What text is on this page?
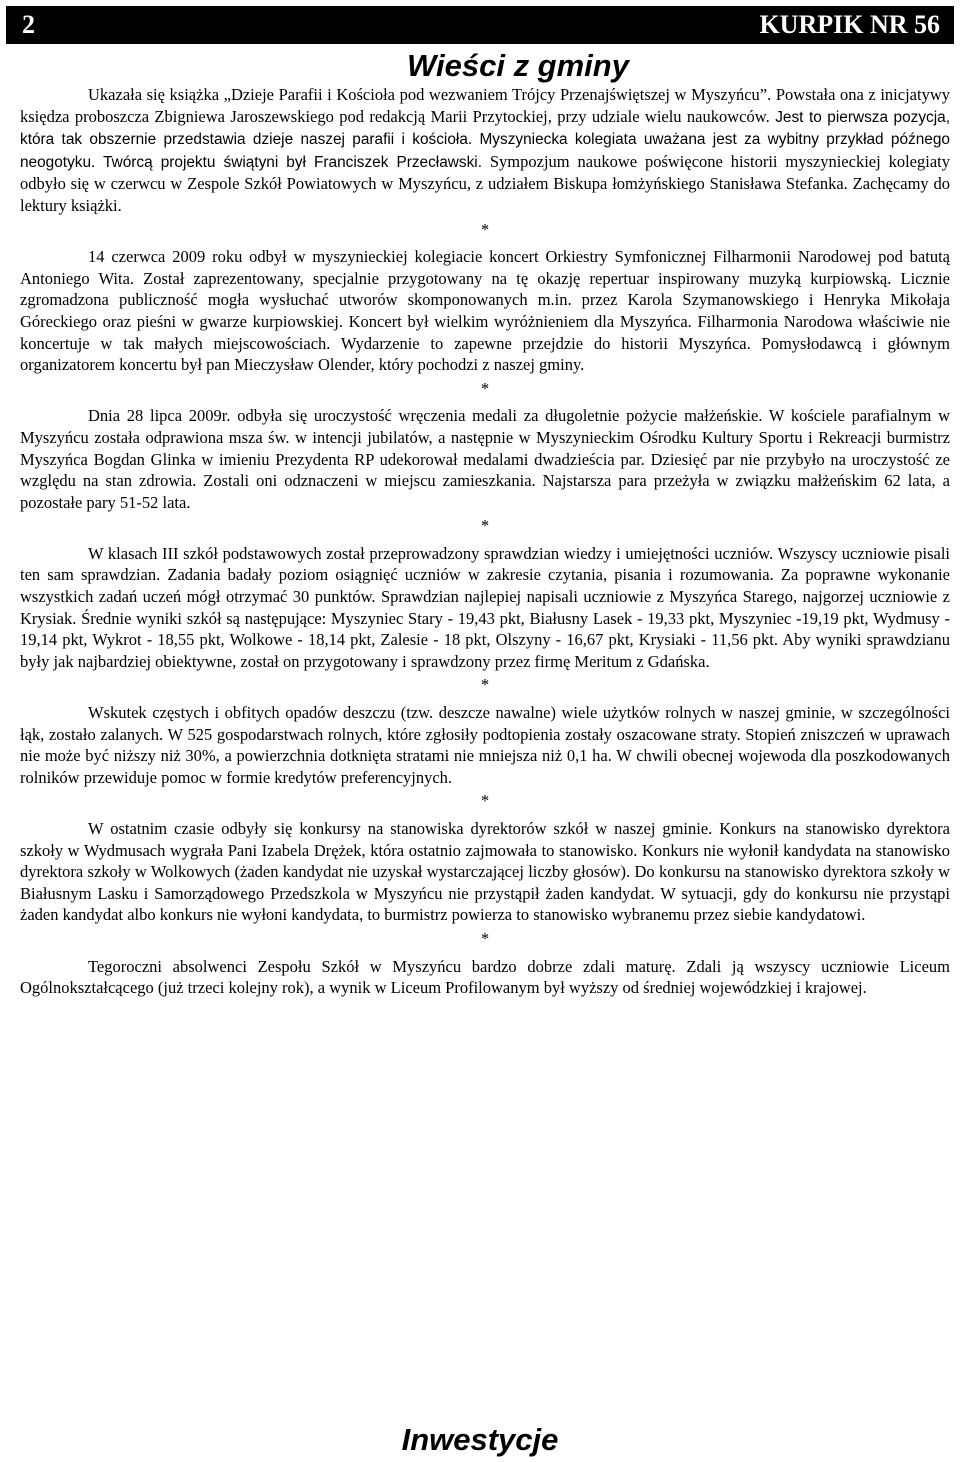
2	KURPIK NR 56
Wieści z gminy

Ukazała się książka „Dzieje Parafii i Kościoła pod wezwaniem Trójcy Przenajświętszej w Myszyńcu”. Powstała ona z inicjatywy księdza proboszcza Zbigniewa Jaroszewskiego pod redakcją Marii Przytockiej, przy udziale wielu naukowców. Jest to pierwsza pozycja, która tak obszernie przedstawia dzieje naszej parafii i kościoła. Myszyniecka kolegiata uważana jest za wybitny przykład późnego neogotyku. Twórcą projektu świątyni był Franciszek Przecławski. Sympozjum naukowe poświęcone historii myszynieckiej kolegiaty odbyło się w czerwcu w Zespole Szkół Powiatowych w Myszyńcu, z udziałem Biskupa łomżyńskiego Stanisława Stefanka. Zachęcamy do lektury książki.

*

14 czerwca 2009 roku odbył w myszynieckiej kolegiacie koncert Orkiestry Symfonicznej Filharmonii Narodowej pod batutą Antoniego Wita. Został zaprezentowany, specjalnie przygotowany na tę okazję repertuar inspirowany muzyką kurpiowską. Licznie zgromadzona publiczność mogła wysłuchać utworów skomponowanych m.in. przez Karola Szymanowskiego i Henryka Mikołaja Góreckiego oraz pieśni w gwarze kurpiowskiej. Koncert był wielkim wyróżnieniem dla Myszyńca. Filharmonia Narodowa właściwie nie koncertuje w tak małych miejscowościach. Wydarzenie to zapewne przejdzie do historii Myszyńca. Pomysłodawcą i głównym organizatorem koncertu był pan Mieczysław Olender, który pochodzi z naszej gminy.

*

Dnia 28 lipca 2009r. odbyła się uroczystość wręczenia medali za długoletnie pożycie małżeńskie. W kościele parafialnym w Myszyńcu została odprawiona msza św. w intencji jubilatów, a następnie w Myszynieckim Ośrodku Kultury Sportu i Rekreacji burmistrz Myszyńca Bogdan Glinka w imieniu Prezydenta RP udekorował medalami dwadzieścia par. Dziesięć par nie przybyło na uroczystość ze względu na stan zdrowia. Zostali oni odznaczeni w miejscu zamieszkania. Najstarsza para przeżyła w związku małżeńskim 62 lata, a pozostałe pary 51-52 lata.

*

W klasach III szkół podstawowych został przeprowadzony sprawdzian wiedzy i umiejętności uczniów. Wszyscy uczniowie pisali ten sam sprawdzian. Zadania badały poziom osiągnięć uczniów w zakresie czytania, pisania i rozumowania. Za poprawne wykonanie wszystkich zadań uczeń mógł otrzymać 30 punktów. Sprawdzian najlepiej napisali uczniowie z Myszyńca Starego, najgorzej uczniowie z Krysiak. Średnie wyniki szkół są następujące: Myszyniec Stary - 19,43 pkt, Białusny Lasek - 19,33 pkt, Myszyniec -19,19 pkt, Wydmusy - 19,14 pkt, Wykrot - 18,55 pkt, Wolkowe - 18,14 pkt, Zalesie - 18 pkt, Olszyny - 16,67 pkt, Krysiaki - 11,56 pkt. Aby wyniki sprawdzianu były jak najbardziej obiektywne, został on przygotowany i sprawdzony przez firmę Meritum z Gdańska.

*

Wskutek częstych i obfitych opadów deszczu (tzw. deszcze nawalne) wiele użytków rolnych w naszej gminie, w szczególności łąk, zostało zalanych. W 525 gospodarstwach rolnych, które zgłosiły podtopienia zostały oszacowane straty. Stopień zniszczeń w uprawach nie może być niższy niż 30%, a powierzchnia dotknięta stratami nie mniejsza niż 0,1 ha. W chwili obecnej wojewoda dla poszkodowanych rolników przewiduje pomoc w formie kredytów preferencyjnych.

*

W ostatnim czasie odbyły się konkursy na stanowiska dyrektorów szkół w naszej gminie. Konkurs na stanowisko dyrektora szkoły w Wydmusach wygrała Pani Izabela Drężek, która ostatnio zajmowała to stanowisko. Konkurs nie wyłonił kandydata na stanowisko dyrektora szkoły w Wolkowych (żaden kandydat nie uzyskał wystarczającej liczby głosów). Do konkursu na stanowisko dyrektora szkoły w Białusnym Lasku i Samorządowego Przedszkola w Myszyńcu nie przystąpił żaden kandydat. W sytuacji, gdy do konkursu nie przystąpi żaden kandydat albo konkurs nie wyłoni kandydata, to burmistrz powierza to stanowisko wybranemu przez siebie kandydatowi.

*

Tegoroczni absolwenci Zespołu Szkół w Myszyńcu bardzo dobrze zdali maturę. Zdali ją wszyscy uczniowie Liceum Ogólnokształcącego (już trzeci kolejny rok), a wynik w Liceum Profilowanym był wyższy od średniej wojewódzkiej i krajowej.

Inwestycje
